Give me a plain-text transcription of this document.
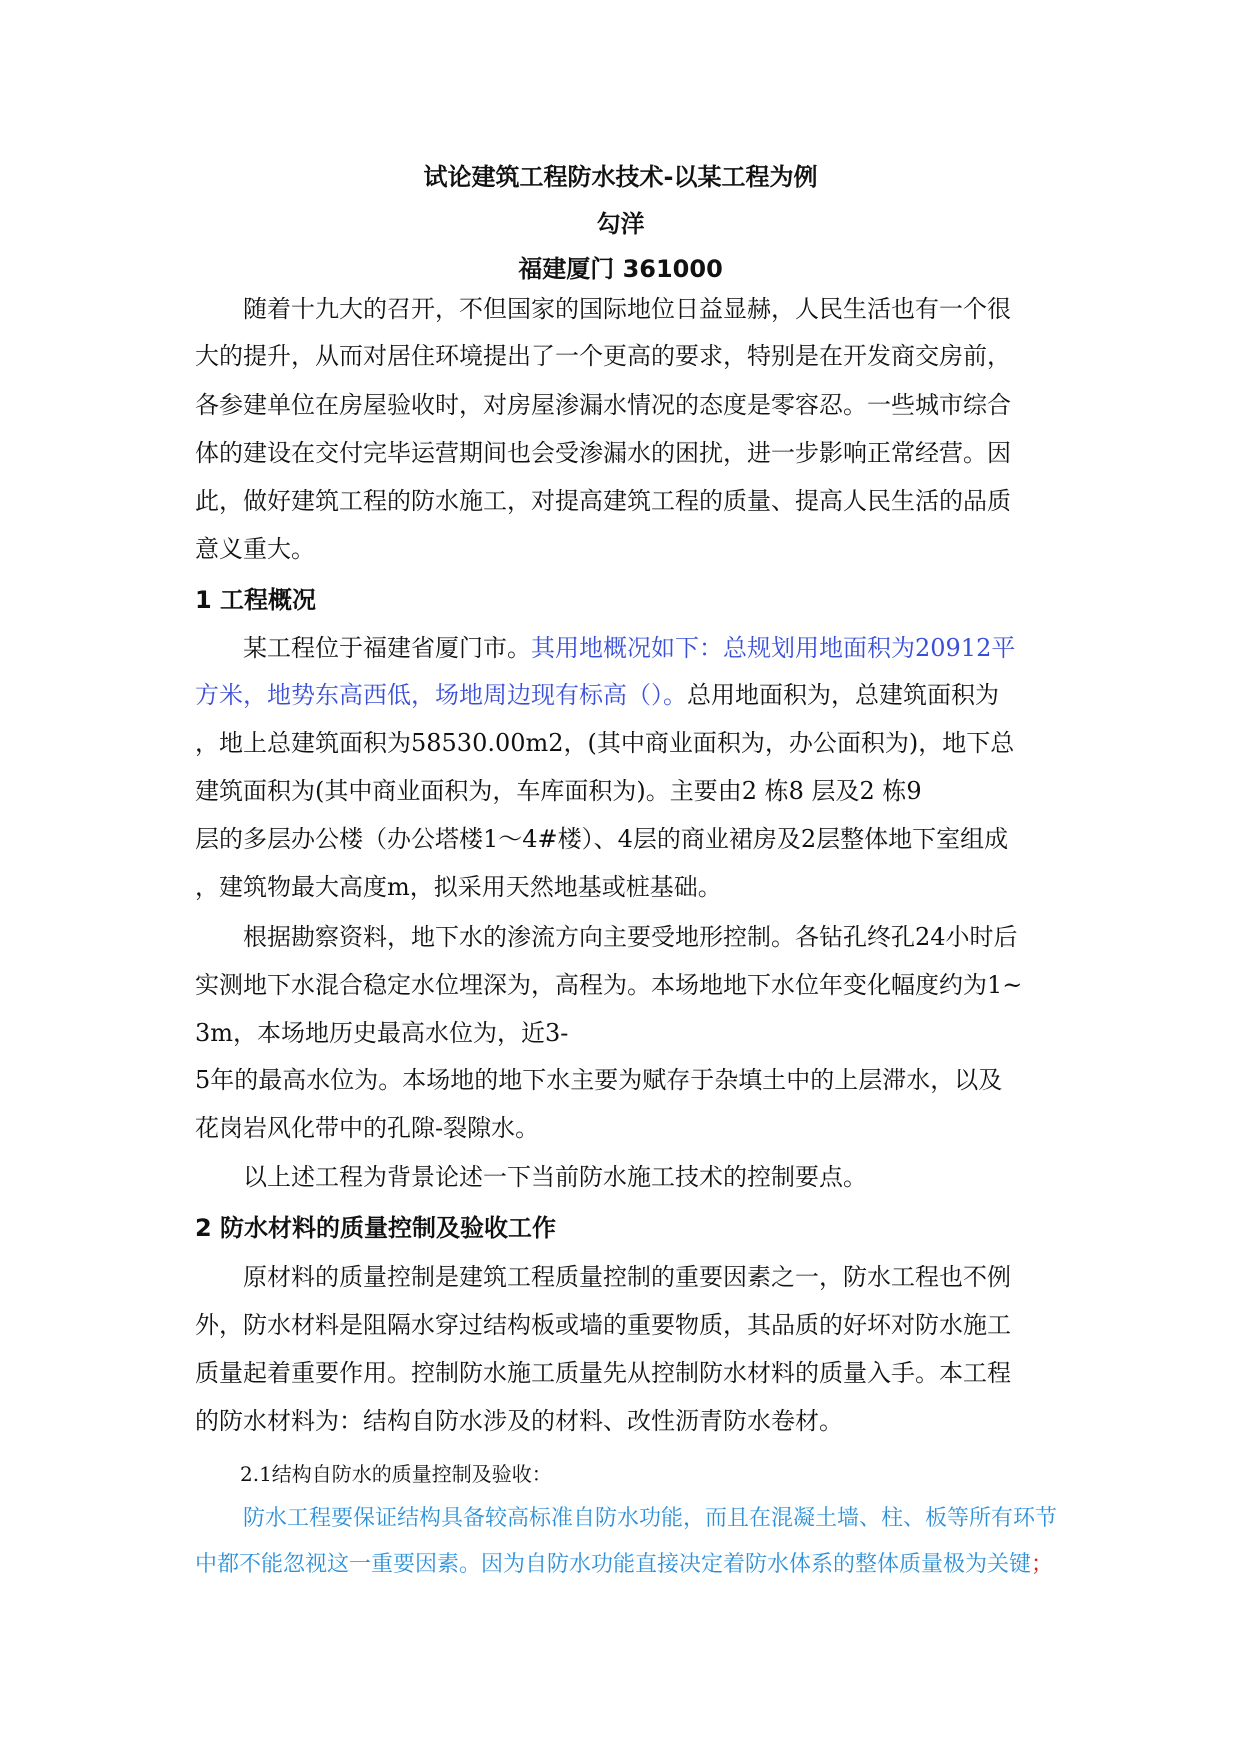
试论建筑工程防水技术-以某工程为例
勾洋
福建厦门 361000
随着十九大的召开，不但国家的国际地位日益显赫，人民生活也有一个很
大的提升，从而对居住环境提出了一个更高的要求，特别是在开发商交房前，
各参建单位在房屋验收时，对房屋渗漏水情况的态度是零容忍。一些城市综合
体的建设在交付完毕运营期间也会受渗漏水的困扰，进一步影响正常经营。因
此，做好建筑工程的防水施工，对提高建筑工程的质量、提高人民生活的品质
意义重大。
1 工程概况
某工程位于福建省厦门市。其用地概况如下：总规划用地面积为20912平
方米，地势东高西低，场地周边现有标高（）。总用地面积为，总建筑面积为
，地上总建筑面积为58530.00m2，(其中商业面积为，办公面积为)，地下总
建筑面积为(其中商业面积为，车库面积为)。主要由2 栋8 层及2 栋9
层的多层办公楼（办公塔楼1～4#楼）、4层的商业裙房及2层整体地下室组成
，建筑物最大高度m，拟采用天然地基或桩基础。
根据勘察资料，地下水的渗流方向主要受地形控制。各钻孔终孔24小时后
实测地下水混合稳定水位埋深为，高程为。本场地地下水位年变化幅度约为1~
3m，本场地历史最高水位为，近3-
5年的最高水位为。本场地的地下水主要为赋存于杂填土中的上层滞水，以及
花岗岩风化带中的孔隙-裂隙水。
以上述工程为背景论述一下当前防水施工技术的控制要点。
2 防水材料的质量控制及验收工作
原材料的质量控制是建筑工程质量控制的重要因素之一，防水工程也不例
外，防水材料是阻隔水穿过结构板或墙的重要物质，其品质的好坏对防水施工
质量起着重要作用。控制防水施工质量先从控制防水材料的质量入手。本工程
的防水材料为：结构自防水涉及的材料、改性沥青防水卷材。
2.1结构自防水的质量控制及验收：
防水工程要保证结构具备较高标准自防水功能，而且在混凝土墙、柱、板等所有环节
中都不能忽视这一重要因素。因为自防水功能直接决定着防水体系的整体质量极为关键；
